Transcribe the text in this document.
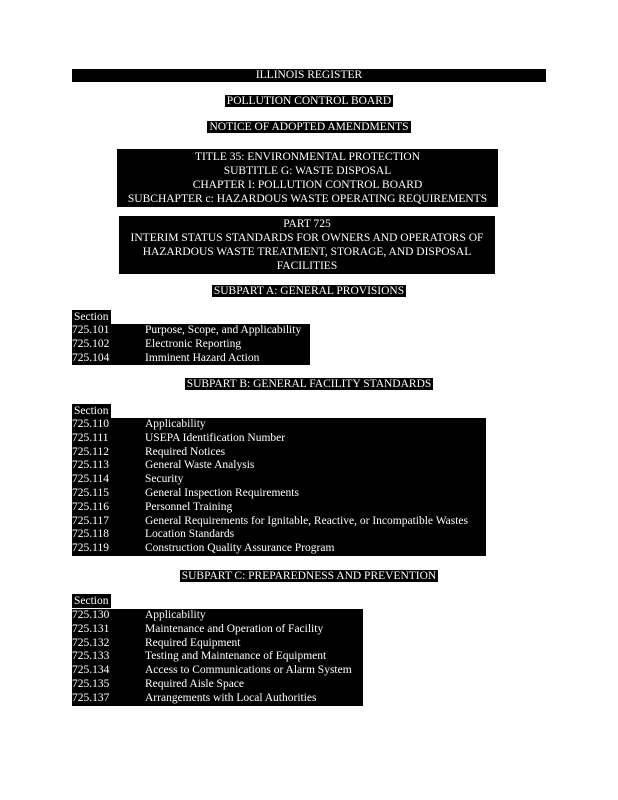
ILLINOIS REGISTER
POLLUTION CONTROL BOARD
NOTICE OF ADOPTED AMENDMENTS
TITLE 35: ENVIRONMENTAL PROTECTION
SUBTITLE G: WASTE DISPOSAL
CHAPTER I: POLLUTION CONTROL BOARD
SUBCHAPTER c: HAZARDOUS WASTE OPERATING REQUIREMENTS
PART 725
INTERIM STATUS STANDARDS FOR OWNERS AND OPERATORS OF
HAZARDOUS WASTE TREATMENT, STORAGE, AND DISPOSAL
FACILITIES
SUBPART A: GENERAL PROVISIONS
Section
725.101	Purpose, Scope, and Applicability
725.102	Electronic Reporting
725.104	Imminent Hazard Action
SUBPART B: GENERAL FACILITY STANDARDS
Section
725.110	Applicability
725.111	USEPA Identification Number
725.112	Required Notices
725.113	General Waste Analysis
725.114	Security
725.115	General Inspection Requirements
725.116	Personnel Training
725.117	General Requirements for Ignitable, Reactive, or Incompatible Wastes
725.118	Location Standards
725.119	Construction Quality Assurance Program
SUBPART C: PREPAREDNESS AND PREVENTION
Section
725.130	Applicability
725.131	Maintenance and Operation of Facility
725.132	Required Equipment
725.133	Testing and Maintenance of Equipment
725.134	Access to Communications or Alarm System
725.135	Required Aisle Space
725.137	Arrangements with Local Authorities
